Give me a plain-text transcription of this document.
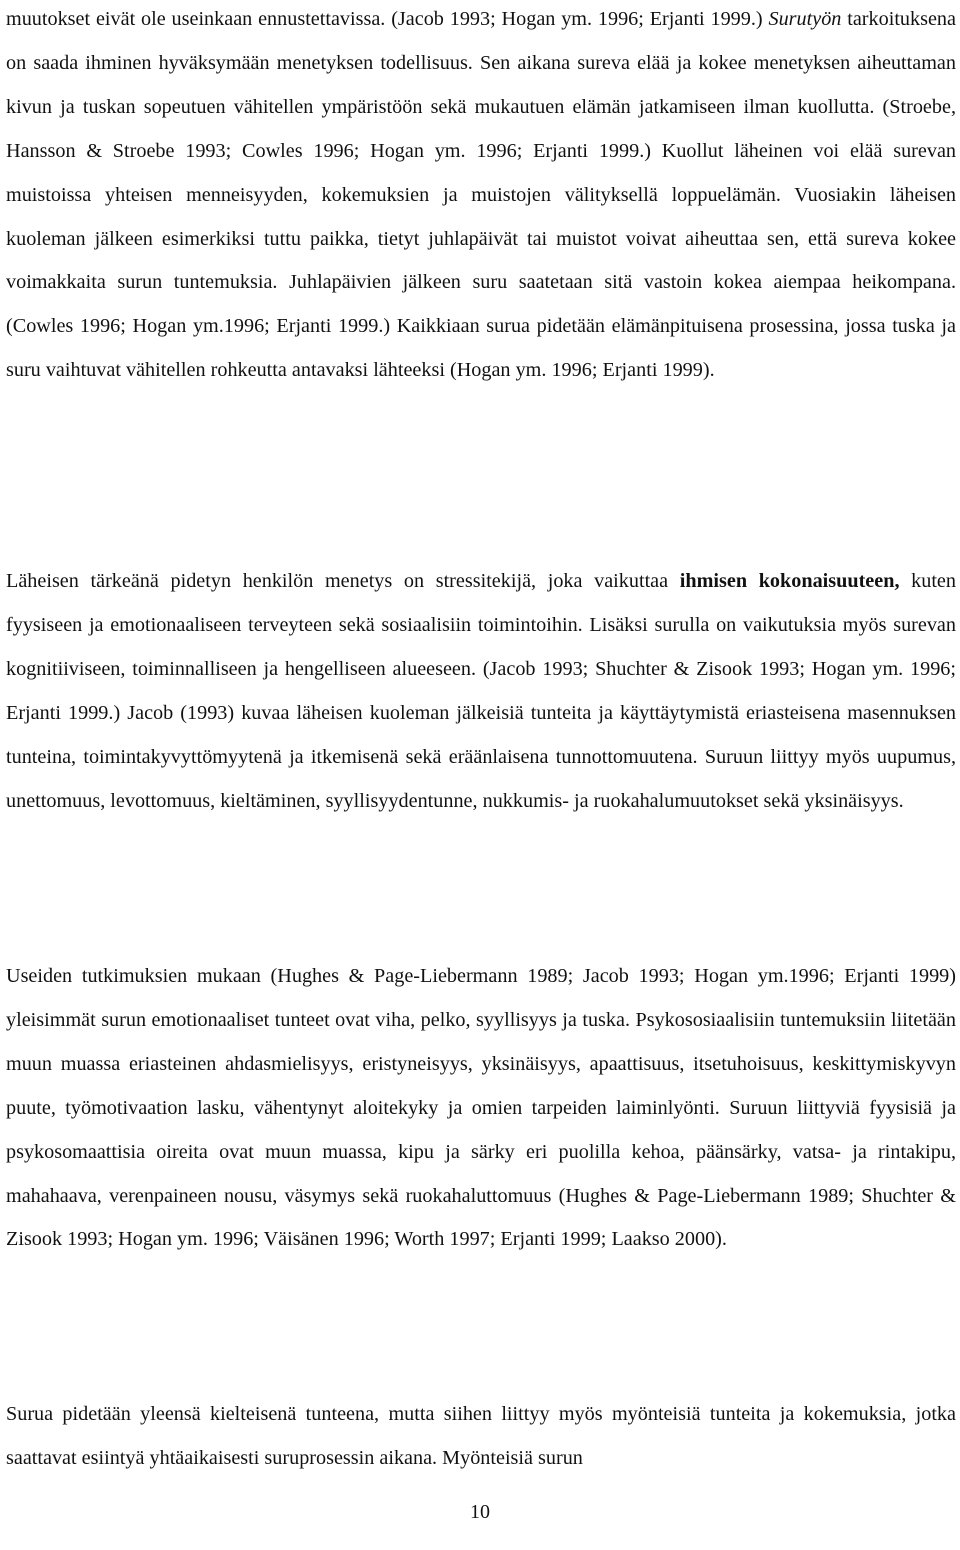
muutokset eivät ole useinkaan ennustettavissa. (Jacob 1993; Hogan ym. 1996; Erjanti 1999.) Surutyön tarkoituksena on saada ihminen hyväksymään menetyksen todellisuus. Sen aikana sureva elää ja kokee menetyksen aiheuttaman kivun ja tuskan sopeutuen vähitellen ympäristöön sekä mukautuen elämän jatkamiseen ilman kuollutta. (Stroebe, Hansson & Stroebe 1993; Cowles 1996; Hogan ym. 1996; Erjanti 1999.) Kuollut läheinen voi elää surevan muistoissa yhteisen menneisyyden, kokemuksien ja muistojen välityksellä loppuelämän. Vuosiakin läheisen kuoleman jälkeen esimerkiksi tuttu paikka, tietyt juhlapäivät tai muistot voivat aiheuttaa sen, että sureva kokee voimakkaita surun tuntemuksia. Juhlapäivien jälkeen suru saatetaan sitä vastoin kokea aiempaa heikompana. (Cowles 1996; Hogan ym.1996; Erjanti 1999.) Kaikkiaan surua pidetään elämänpituisena prosessina, jossa tuska ja suru vaihtuvat vähitellen rohkeutta antavaksi lähteeksi (Hogan ym. 1996; Erjanti 1999).

Läheisen tärkeänä pidetyn henkilön menetys on stressitekijä, joka vaikuttaa ihmisen kokonaisuuteen, kuten fyysiseen ja emotionaaliseen terveyteen sekä sosiaalisiin toimintoihin. Lisäksi surulla on vaikutuksia myös surevan kognitiiviseen, toiminnalliseen ja hengelliseen alueeseen. (Jacob 1993; Shuchter & Zisook 1993; Hogan ym. 1996; Erjanti 1999.) Jacob (1993) kuvaa läheisen kuoleman jälkeisiä tunteita ja käyttäytymistä eriasteisena masennuksen tunteina, toimintakyvyttömyytenä ja itkemisenä sekä eräänlaisena tunnottomuutena. Suruun liittyy myös uupumus, unettomuus, levottomuus, kieltäminen, syyllisyydentunne, nukkumis- ja ruokahalumuutokset sekä yksinäisyys.

Useiden tutkimuksien mukaan (Hughes & Page-Liebermann 1989; Jacob 1993; Hogan ym.1996; Erjanti 1999) yleisimmät surun emotionaaliset tunteet ovat viha, pelko, syyllisyys ja tuska. Psykososiaalisiin tuntemuksiin liitetään muun muassa eriasteinen ahdasmielisyys, eristyneisyys, yksinäisyys, apaattisuus, itsetuhoisuus, keskittymiskyvyn puute, työmotivaation lasku, vähentynyt aloitekyky ja omien tarpeiden laiminlyönti. Suruun liittyviä fyysisiä ja psykosomaattisia oireita ovat muun muassa, kipu ja särky eri puolilla kehoa, päänsärky, vatsa- ja rintakipu, mahahaava, verenpaineen nousu, väsymys sekä ruokahaluttomuus (Hughes & Page-Liebermann 1989; Shuchter & Zisook 1993; Hogan ym. 1996; Väisänen 1996; Worth 1997; Erjanti 1999; Laakso 2000).

Surua pidetään yleensä kielteisenä tunteena, mutta siihen liittyy myös myönteisiä tunteita ja kokemuksia, jotka saattavat esiintyä yhtäaikaisesti suruprosessin aikana. Myönteisiä surun

10
